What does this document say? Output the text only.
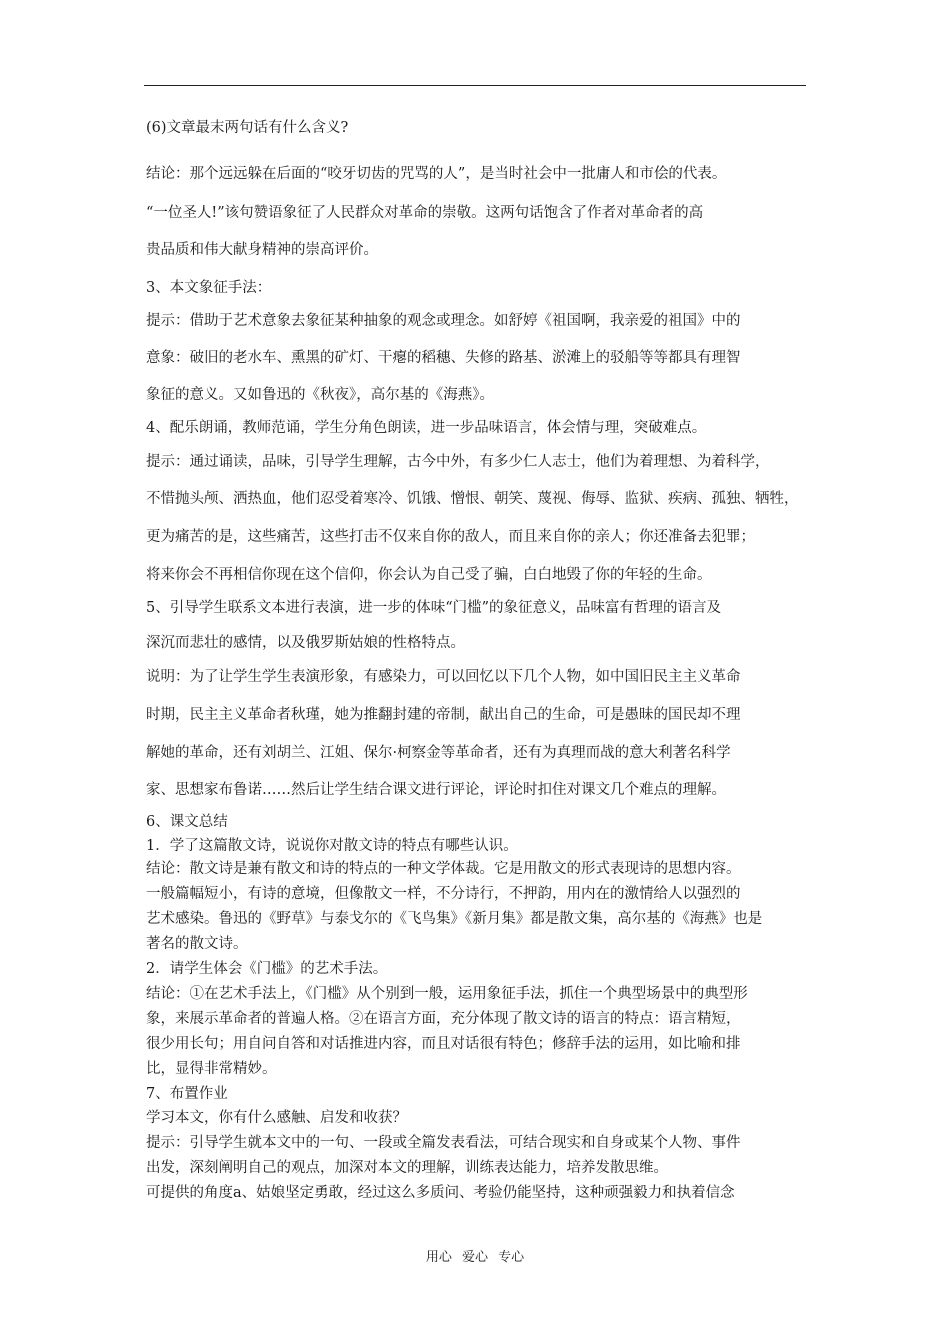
(6)文章最末两句话有什么含义?
结论：那个远远躲在后面的“咬牙切齿的咒骂的人”，是当时社会中一批庸人和市侩的代表。
“一位圣人!”该句赞语象征了人民群众对革命的崇敬。这两句话饱含了作者对革命者的高
贵品质和伟大献身精神的崇高评价。
3、本文象征手法：
提示：借助于艺术意象去象征某种抽象的观念或理念。如舒婷《祖国啊，我亲爱的祖国》中的
意象：破旧的老水车、熏黑的矿灯、干瘪的稻穗、失修的路基、淤滩上的驳船等等都具有理智
象征的意义。又如鲁迅的《秋夜》，高尔基的《海燕》。
4、配乐朗诵，教师范诵，学生分角色朗读，进一步品味语言，体会情与理，突破难点。
提示：通过诵读，品味，引导学生理解，古今中外，有多少仁人志士，他们为着理想、为着科学，
不惜抛头颅、洒热血，他们忍受着寒冷、饥饿、憎恨、朝笑、蔑视、侮辱、监狱、疾病、孤独、牺牲，
更为痛苦的是，这些痛苦，这些打击不仅来自你的敌人，而且来自你的亲人；你还准备去犯罪；
将来你会不再相信你现在这个信仰，你会认为自己受了骗，白白地毁了你的年轻的生命。
5、引导学生联系文本进行表演，进一步的体味“门槛”的象征意义，品味富有哲理的语言及
深沉而悲壮的感情，以及俄罗斯姑娘的性格特点。
说明：为了让学生学生表演形象，有感染力，可以回忆以下几个人物，如中国旧民主主义革命
时期，民主主义革命者秋瑾，她为推翻封建的帝制，献出自己的生命，可是愚昧的国民却不理
解她的革命，还有刘胡兰、江姐、保尔·柯察金等革命者，还有为真理而战的意大利著名科学
家、思想家布鲁诺……然后让学生结合课文进行评论，评论时扣住对课文几个难点的理解。
6、课文总结
1．学了这篇散文诗，说说你对散文诗的特点有哪些认识。
结论：散文诗是兼有散文和诗的特点的一种文学体裁。它是用散文的形式表现诗的思想内容。
一般篇幅短小，有诗的意境，但像散文一样，不分诗行，不押韵，用内在的激情给人以强烈的
艺术感染。鲁迅的《野草》与泰戈尔的《飞鸟集》《新月集》都是散文集，高尔基的《海燕》也是
著名的散文诗。
2．请学生体会《门槛》的艺术手法。
结论：①在艺术手法上，《门槛》从个别到一般，运用象征手法，抓住一个典型场景中的典型形
象，来展示革命者的普遍人格。②在语言方面，充分体现了散文诗的语言的特点：语言精短，
很少用长句；用自问自答和对话推进内容，而且对话很有特色；修辞手法的运用，如比喻和排
比，显得非常精妙。
7、布置作业
学习本文，你有什么感触、启发和收获？
提示：引导学生就本文中的一句、一段或全篇发表看法，可结合现实和自身或某个人物、事件
出发，深刻阐明自己的观点，加深对本文的理解，训练表达能力，培养发散思维。
可提供的角度a、姑娘坚定勇敢，经过这么多质问、考验仍能坚持，这种顽强毅力和执着信念
用心 爱心 专心
